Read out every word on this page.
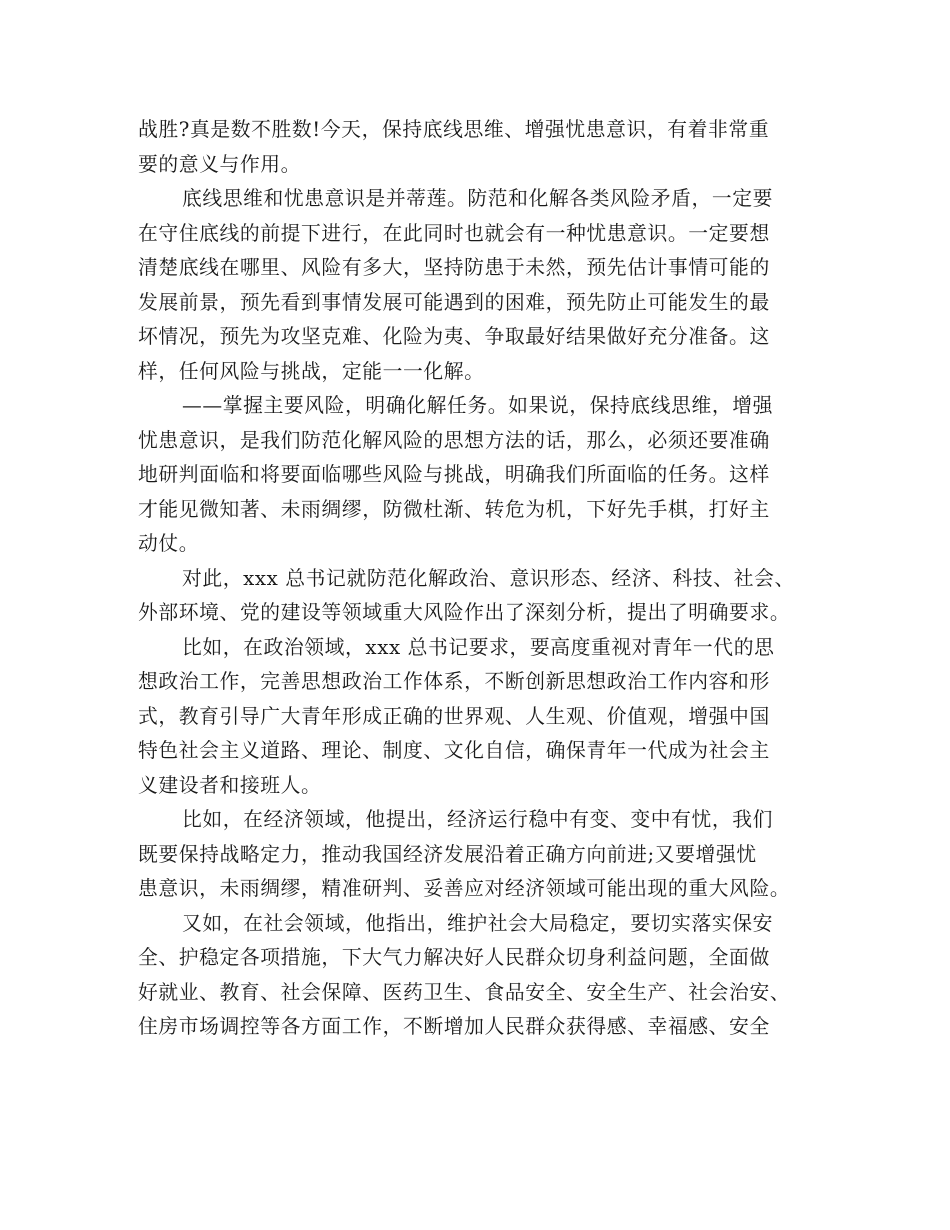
战胜?真是数不胜数!今天，保持底线思维、增强忧患意识，有着非常重
要的意义与作用。
底线思维和忧患意识是并蒂莲。防范和化解各类风险矛盾，一定要
在守住底线的前提下进行，在此同时也就会有一种忧患意识。一定要想
清楚底线在哪里、风险有多大，坚持防患于未然，预先估计事情可能的
发展前景，预先看到事情发展可能遇到的困难，预先防止可能发生的最
坏情况，预先为攻坚克难、化险为夷、争取最好结果做好充分准备。这
样，任何风险与挑战，定能一一化解。
——掌握主要风险，明确化解任务。如果说，保持底线思维，增强
忧患意识，是我们防范化解风险的思想方法的话，那么，必须还要准确
地研判面临和将要面临哪些风险与挑战，明确我们所面临的任务。这样
才能见微知著、未雨绸缪，防微杜渐、转危为机，下好先手棋，打好主
动仗。
对此，xxx 总书记就防范化解政治、意识形态、经济、科技、社会、
外部环境、党的建设等领域重大风险作出了深刻分析，提出了明确要求。
比如，在政治领域，xxx 总书记要求，要高度重视对青年一代的思
想政治工作，完善思想政治工作体系，不断创新思想政治工作内容和形
式，教育引导广大青年形成正确的世界观、人生观、价值观，增强中国
特色社会主义道路、理论、制度、文化自信，确保青年一代成为社会主
义建设者和接班人。
比如，在经济领域，他提出，经济运行稳中有变、变中有忧，我们
既要保持战略定力，推动我国经济发展沿着正确方向前进;又要增强忧
患意识，未雨绸缪，精准研判、妥善应对经济领域可能出现的重大风险。
又如，在社会领域，他指出，维护社会大局稳定，要切实落实保安
全、护稳定各项措施，下大气力解决好人民群众切身利益问题，全面做
好就业、教育、社会保障、医药卫生、食品安全、安全生产、社会治安、
住房市场调控等各方面工作，不断增加人民群众获得感、幸福感、安全
